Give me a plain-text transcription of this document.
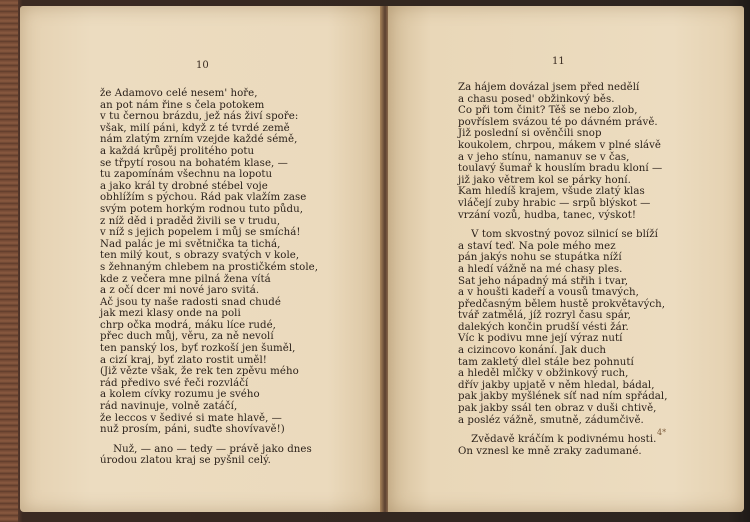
10	11
že Adamovo celé nesem' hoře,
an pot nám řine s čela potokem
v tu černou brázdu, jež nás živí spoře:
však, milí páni, když z té tvrdé země
nám zlatým zrním vzejde každé sémě,
a každá krůpěj prolitého potu
se třpytí rosou na bohatém klase, —
tu zapomínám všechnu na lopotu
a jako král ty drobné stébel voje
obhlížím s pýchou. Rád pak vlažím zase
svým potem horkým rodnou tuto půdu,
z níž děd i praděd živili se v trudu,
v níž s jejich popelem i můj se smíchá!
Nad palác je mi světnička ta tichá,
ten milý kout, s obrazy svatých v kole,
s žehnaným chlebem na prostičkém stole,
kde z večera mne pilná žena vítá
a z očí dcer mi nové jaro svitá.
Ač jsou ty naše radosti snad chudé
jak mezi klasy onde na poli
chrp očka modrá, máku líce rudé,
přec duch můj, věru, za ně nevolí
ten panský los, byť rozkoší jen šuměl,
a cizí kraj, byť zlato rostit uměl!
(Již vězte však, že rek ten zpěvu mého
rád předivo své řeči rozvláčí
a kolem cívky rozumu je svého
rád navinuje, volně zatáčí,
že leccos v šedivé si mate hlavě, —
nuž prosím, páni, suďte shovívavě!)
Nuž, — ano — tedy — právě jako dnes
úrodou zlatou kraj se pyšnil celý.
Za hájem dovázal jsem před nedělí
a chasu posed' obžinkový běs.
Co při tom činit? Těš se nebo zlob,
povříslem svázou té po dávném právě.
Již poslední si ověnčili snop
koukolem, chrpou, mákem v plné slávě
a v jeho stínu, namanuv se v čas,
toulavý šumař k houslím bradu kloní —
již jako větrem kol se párky honí.
Kam hledíš krajem, všude zlatý klas
vláčejí zuby hrabic — srpů blýskot —
vrzání vozů, hudba, tanec, výskot!
V tom skvostný povoz silnicí se blíží
a staví teď. Na pole mého mez
pán jakýs nohu se stupátka níží
a hledí vážně na mé chasy ples.
Sat jeho nápadný má střih i tvar,
a v houšti kadeří a vousů tmavých,
předčasným bělem hustě prokvětavých,
tvář zatmělá, jíž rozryl času spár,
dalekých končin prudší vésti žár.
Víc k podivu mne její výraz nutí
a cizincovo konání. Jak duch
tam zakletý dlel stále bez pohnutí
a hleděl mlčky v obžinkový ruch,
dřív jakby upjatě v něm hledal, bádal,
pak jakby myšlének síť nad ním spřádal,
pak jakby ssál ten obraz v duši chtivě,
a posléz vážně, smutně, zádumčivě.
Zvědavě kráčím k podivnému hosti.
On vznesl ke mně zraky zadumané.
4*
